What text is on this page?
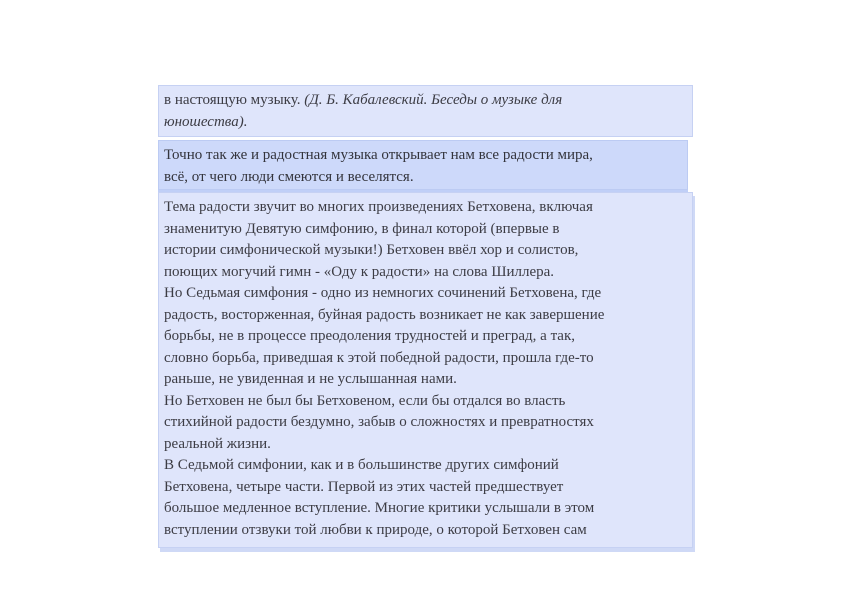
в настоящую музыку. (Д. Б. Кабалевский. Беседы о музыке для
юношества).
Точно так же и радостная музыка открывает нам все радости мира,
всё, от чего люди смеются и веселятся.
Тема радости звучит во многих произведениях Бетховена, включая
знаменитую Девятую симфонию, в финал которой (впервые в
истории симфонической музыки!) Бетховен ввёл хор и солистов,
поющих могучий гимн - «Оду к радости» на слова Шиллера.
Но Седьмая симфония - одно из немногих сочинений Бетховена, где
радость, восторженная, буйная радость возникает не как завершение
борьбы, не в процессе преодоления трудностей и преград, а так,
словно борьба, приведшая к этой победной радости, прошла где-то
раньше, не увиденная и не услышанная нами.
Но Бетховен не был бы Бетховеном, если бы отдался во власть
стихийной радости бездумно, забыв о сложностях и превратностях
реальной жизни.
В Седьмой симфонии, как и в большинстве других симфоний
Бетховена, четыре части. Первой из этих частей предшествует
большое медленное вступление. Многие критики услышали в этом
вступлении отзвуки той любви к природе, о которой Бетховен сам
